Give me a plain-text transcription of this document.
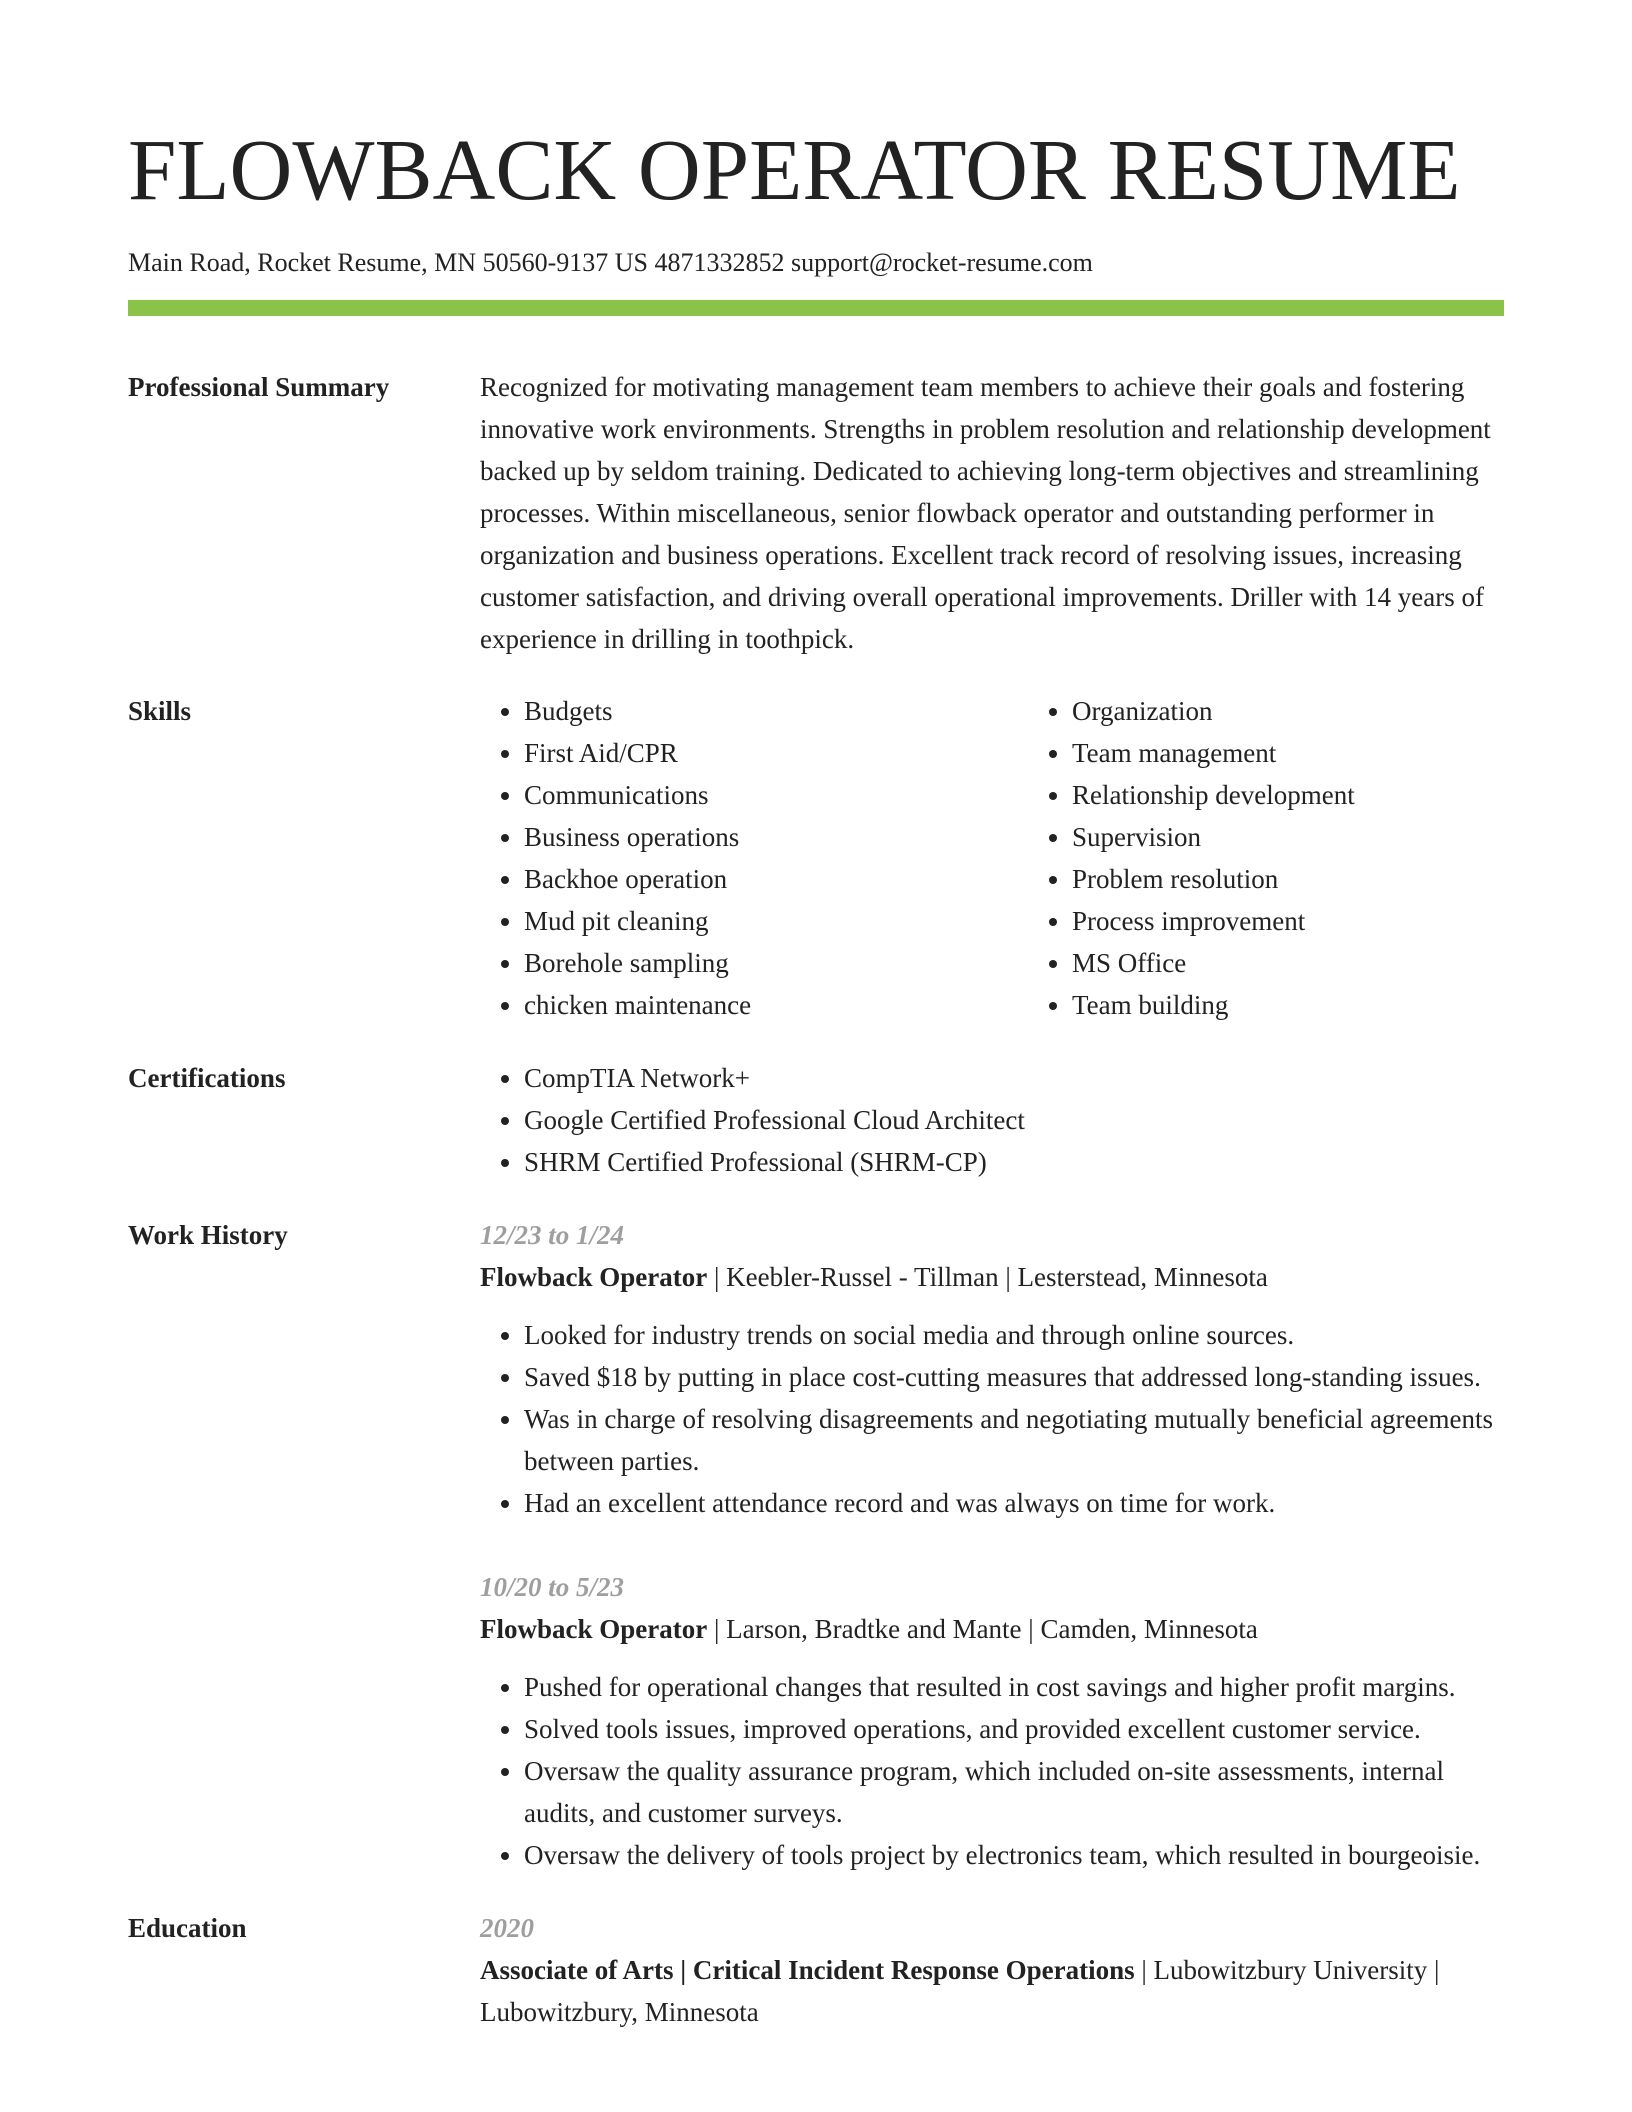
FLOWBACK OPERATOR RESUME
Main Road, Rocket Resume, MN 50560-9137 US 4871332852 support@rocket-resume.com
Professional Summary	Recognized for motivating management team members to achieve their goals and fostering innovative work environments. Strengths in problem resolution and relationship development backed up by seldom training. Dedicated to achieving long-term objectives and streamlining processes. Within miscellaneous, senior flowback operator and outstanding performer in organization and business operations. Excellent track record of resolving issues, increasing customer satisfaction, and driving overall operational improvements. Driller with 14 years of experience in drilling in toothpick.

Skills	• Budgets
• First Aid/CPR
• Communications
• Business operations
• Backhoe operation
• Mud pit cleaning
• Borehole sampling
• chicken maintenance
• Organization
• Team management
• Relationship development
• Supervision
• Problem resolution
• Process improvement
• MS Office
• Team building
Certifications	• CompTIA Network+
• Google Certified Professional Cloud Architect
• SHRM Certified Professional (SHRM-CP)
Work History	12/23 to 1/24
Flowback Operator | Keebler-Russel - Tillman | Lesterstead, Minnesota
• Looked for industry trends on social media and through online sources.
• Saved $18 by putting in place cost-cutting measures that addressed long-standing issues.
• Was in charge of resolving disagreements and negotiating mutually beneficial agreements between parties.
• Had an excellent attendance record and was always on time for work.
10/20 to 5/23
Flowback Operator | Larson, Bradtke and Mante | Camden, Minnesota
• Pushed for operational changes that resulted in cost savings and higher profit margins.
• Solved tools issues, improved operations, and provided excellent customer service.
• Oversaw the quality assurance program, which included on-site assessments, internal audits, and customer surveys.
• Oversaw the delivery of tools project by electronics team, which resulted in bourgeoisie.
Education	2020
Associate of Arts | Critical Incident Response Operations | Lubowitzbury University | Lubowitzbury, Minnesota
